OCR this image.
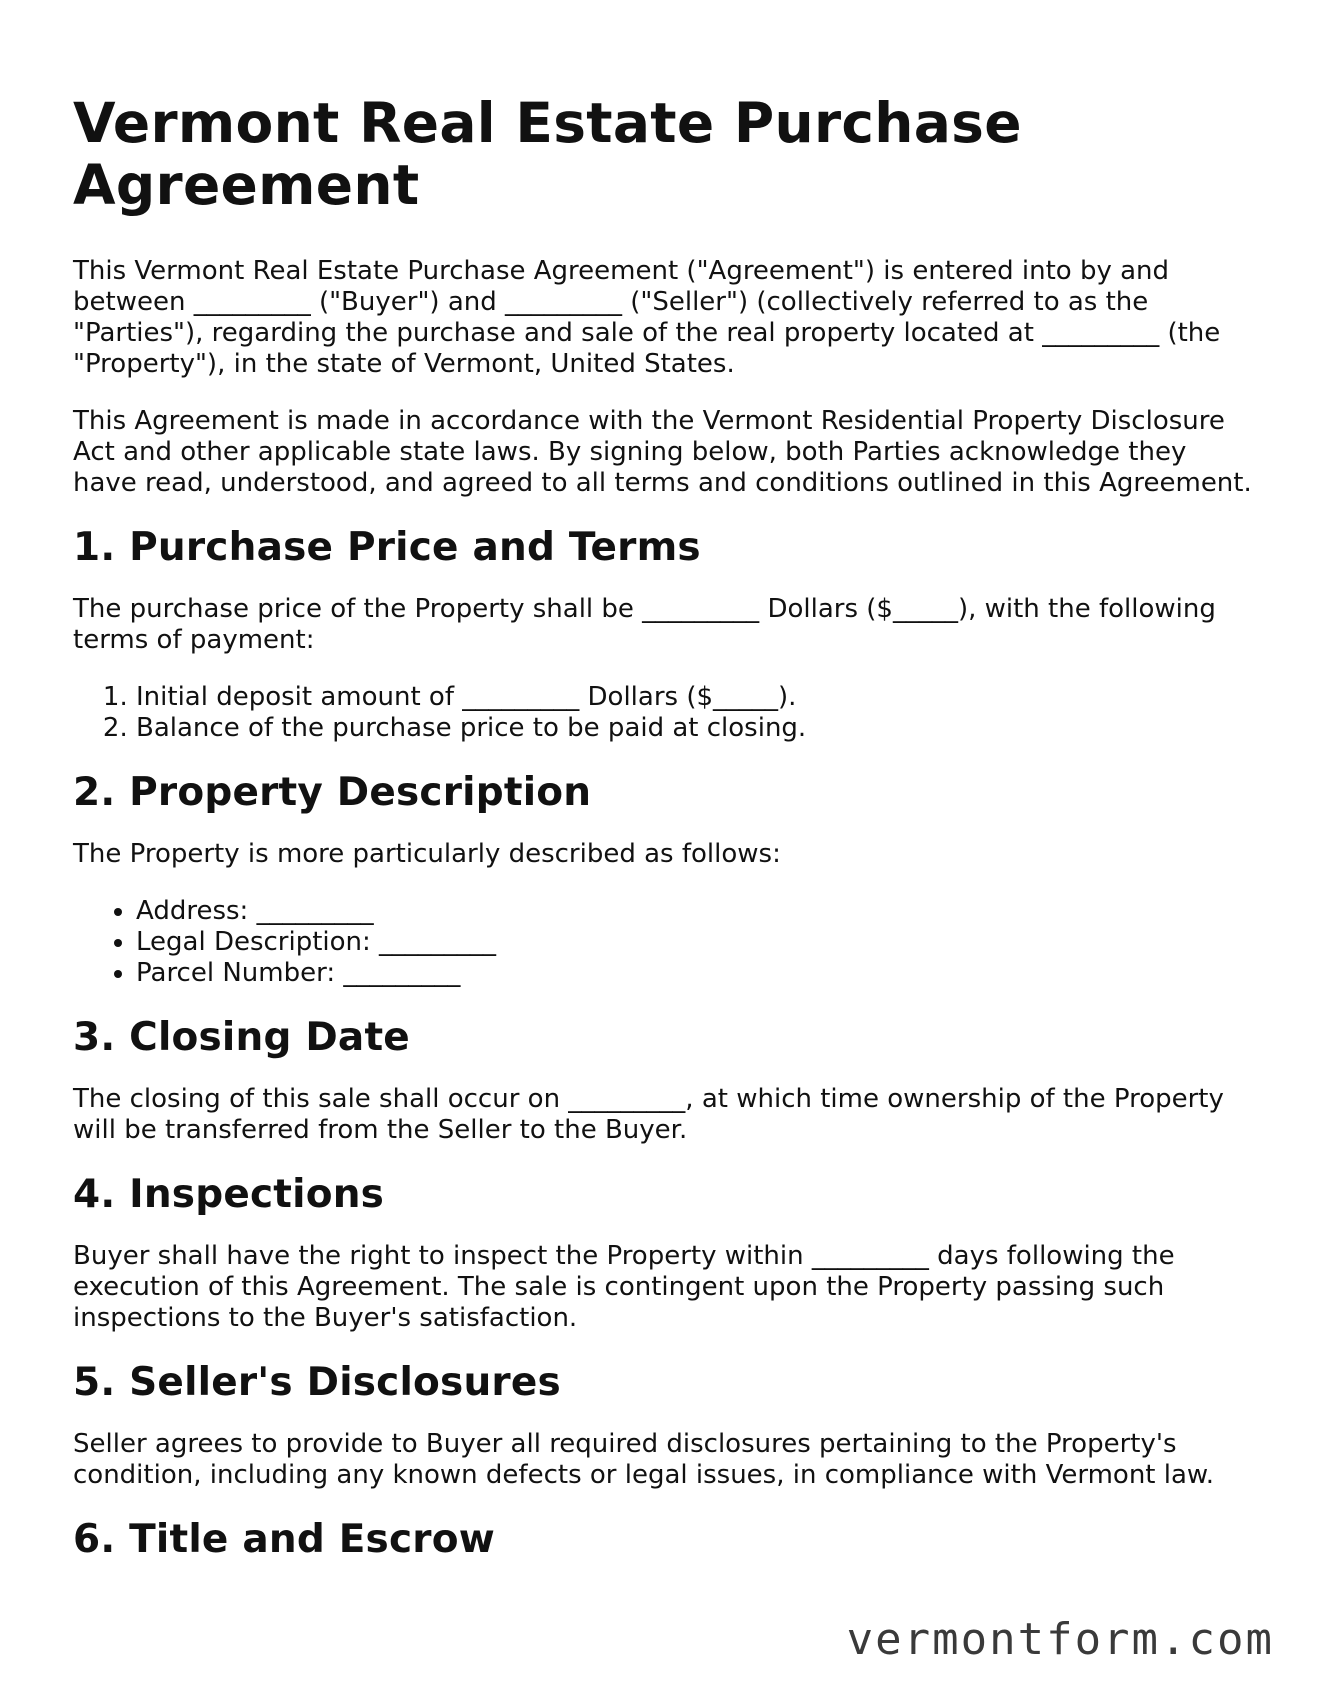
Vermont Real Estate Purchase Agreement

This Vermont Real Estate Purchase Agreement ("Agreement") is entered into by and between _________ ("Buyer") and _________ ("Seller") (collectively referred to as the "Parties"), regarding the purchase and sale of the real property located at _________ (the "Property"), in the state of Vermont, United States.

This Agreement is made in accordance with the Vermont Residential Property Disclosure Act and other applicable state laws. By signing below, both Parties acknowledge they have read, understood, and agreed to all terms and conditions outlined in this Agreement.

1. Purchase Price and Terms

The purchase price of the Property shall be _________ Dollars ($_____), with the following terms of payment:

1. Initial deposit amount of _________ Dollars ($_____).
2. Balance of the purchase price to be paid at closing.
2. Property Description

The Property is more particularly described as follows:

• Address: _________
• Legal Description: _________
• Parcel Number: _________
3. Closing Date

The closing of this sale shall occur on _________, at which time ownership of the Property will be transferred from the Seller to the Buyer.

4. Inspections

Buyer shall have the right to inspect the Property within _________ days following the execution of this Agreement. The sale is contingent upon the Property passing such inspections to the Buyer's satisfaction.

5. Seller's Disclosures

Seller agrees to provide to Buyer all required disclosures pertaining to the Property's condition, including any known defects or legal issues, in compliance with Vermont law.

6. Title and Escrow
vermontform.com
